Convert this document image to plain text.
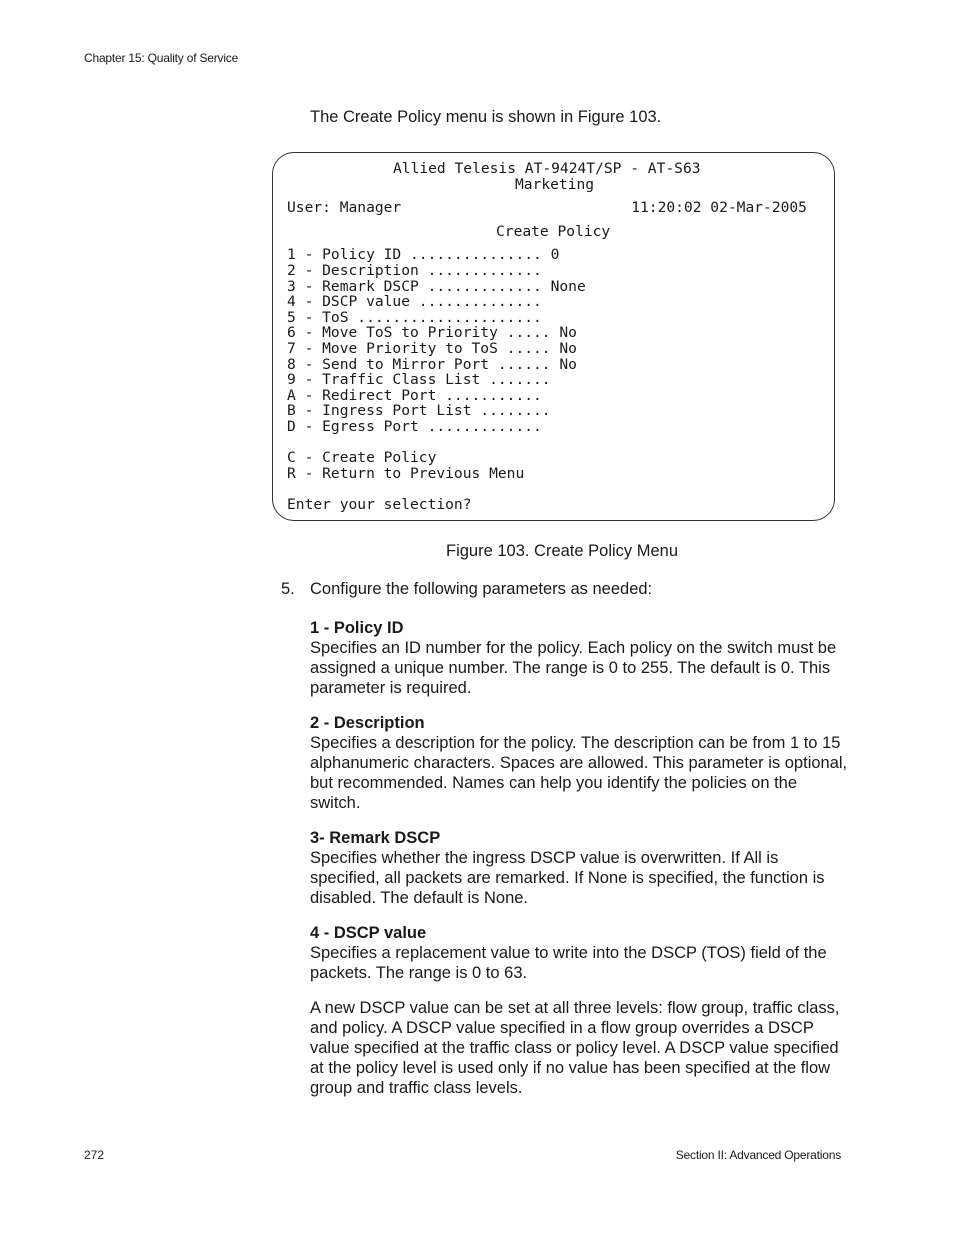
Chapter 15: Quality of Service
The Create Policy menu is shown in Figure 103.
Allied Telesis AT-9424T/SP - AT-S63
Marketing
User: Manager	11:20:02 02-Mar-2005
Create Policy
1 - Policy ID ............... 0
2 - Description .............
3 - Remark DSCP ............. None
4 - DSCP value ..............
5 - ToS .....................
6 - Move ToS to Priority ..... No
7 - Move Priority to ToS ..... No
8 - Send to Mirror Port ...... No
9 - Traffic Class List .......
A - Redirect Port ...........
B - Ingress Port List ........
D - Egress Port .............
C - Create Policy
R - Return to Previous Menu
Enter your selection?
Figure 103. Create Policy Menu
5. Configure the following parameters as needed:

1 - Policy ID

Specifies an ID number for the policy. Each policy on the switch must be assigned a unique number. The range is 0 to 255. The default is 0. This parameter is required.

2 - Description

Specifies a description for the policy. The description can be from 1 to 15 alphanumeric characters. Spaces are allowed. This parameter is optional, but recommended. Names can help you identify the policies on the switch.

3- Remark DSCP

Specifies whether the ingress DSCP value is overwritten. If All is specified, all packets are remarked. If None is specified, the function is disabled. The default is None.

4 - DSCP value

Specifies a replacement value to write into the DSCP (TOS) field of the packets. The range is 0 to 63.

A new DSCP value can be set at all three levels: flow group, traffic class, and policy. A DSCP value specified in a flow group overrides a DSCP value specified at the traffic class or policy level. A DSCP value specified at the policy level is used only if no value has been specified at the flow group and traffic class levels.

272	Section II: Advanced Operations
